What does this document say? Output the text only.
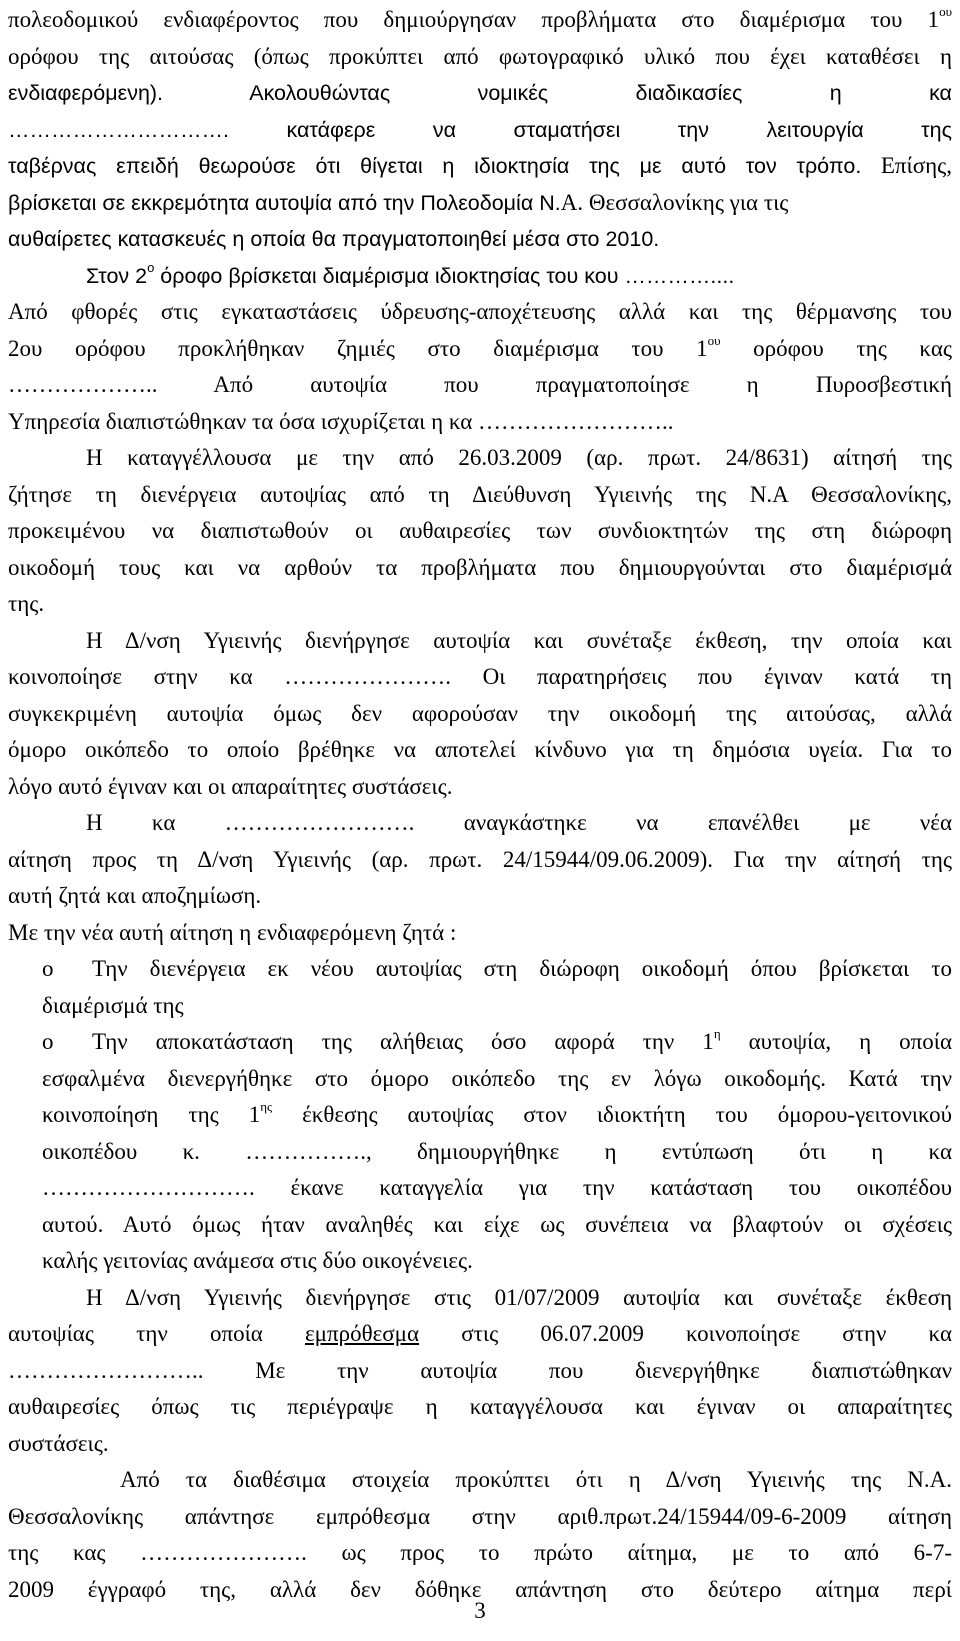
πολεοδομικού ενδιαφέροντος που δημιούργησαν προβλήματα στο διαμέρισμα του $1^{o\upsilon}$
ορόφου της αιτούσας (όπως προκύπτει από φωτογραφικό υλικό που έχει καταθέσει η
ενδιαφερόμενη). Ακολουθώντας νομικές διαδικασίες η κα
…………………………. κατάφερε να σταματήσει την λειτουργία της
ταβέρνας επειδή θεωρούσε ότι θίγεται η ιδιοκτησία της με αυτό τον τρόπο. Επίσης,
βρίσκεται σε εκκρεμότητα αυτοψία από την Πολεοδομία Ν.Α. Θεσσαλονίκης για τις
αυθαίρετες κατασκευές η οποία θα πραγματοποιηθεί μέσα στο 2010.
Στον $2^o$ όροφο βρίσκεται διαμέρισμα ιδιοκτησίας του κου …………....
Από φθορές στις εγκαταστάσεις ύδρευσης-αποχέτευσης αλλά και της θέρμανσης του
2ου ορόφου προκλήθηκαν ζημιές στο διαμέρισμα του $1^{o\upsilon}$ ορόφου της κας
……………….. Από αυτοψία που πραγματοποίησε η Πυροσβεστική
Υπηρεσία διαπιστώθηκαν τα όσα ισχυρίζεται η κα ……………………..
Η καταγγέλλουσα με την από 26.03.2009 (αρ. πρωτ. 24/8631) αίτησή της
ζήτησε τη διενέργεια αυτοψίας από τη Διεύθυνση Υγιεινής της Ν.Α Θεσσαλονίκης,
προκειμένου να διαπιστωθούν οι αυθαιρεσίες των συνδιοκτητών της στη διώροφη
οικοδομή τους και να αρθούν τα προβλήματα που δημιουργούνται στο διαμέρισμά
της.
Η Δ/νση Υγιεινής διενήργησε αυτοψία και συνέταξε έκθεση, την οποία και
κοινοποίησε στην κα …………………. Οι παρατηρήσεις που έγιναν κατά τη
συγκεκριμένη αυτοψία όμως δεν αφορούσαν την οικοδομή της αιτούσας, αλλά
όμορο οικόπεδο το οποίο βρέθηκε να αποτελεί κίνδυνο για τη δημόσια υγεία. Για το
λόγο αυτό έγιναν και οι απαραίτητες συστάσεις.
Η κα ……………………. αναγκάστηκε να επανέλθει με νέα
αίτηση προς τη Δ/νση Υγιεινής (αρ. πρωτ. 24/15944/09.06.2009). Για την αίτησή της
αυτή ζητά και αποζημίωση.
Με την νέα αυτή αίτηση η ενδιαφερόμενη ζητά :
o Την διενέργεια εκ νέου αυτοψίας στη διώροφη οικοδομή όπου βρίσκεται το
διαμέρισμά της
o Την αποκατάσταση της αλήθειας όσο αφορά την $1^\eta$ αυτοψία, η οποία
εσφαλμένα διενεργήθηκε στο όμορο οικόπεδο της εν λόγω οικοδομής. Κατά την
κοινοποίηση της $1^{\eta\varsigma}$ έκθεσης αυτοψίας στον ιδιοκτήτη του όμορου-γειτονικού
οικοπέδου κ. ……………., δημιουργήθηκε η εντύπωση ότι η κα
………………………. έκανε καταγγελία για την κατάσταση του οικοπέδου
αυτού. Αυτό όμως ήταν αναληθές και είχε ως συνέπεια να βλαφτούν οι σχέσεις
καλής γειτονίας ανάμεσα στις δύο οικογένειες.
Η Δ/νση Υγιεινής διενήργησε στις 01/07/2009 αυτοψία και συνέταξε έκθεση
αυτοψίας την οποία εμπρόθεσμα στις 06.07.2009 κοινοποίησε στην κα
…………………….. Με την αυτοψία που διενεργήθηκε διαπιστώθηκαν
αυθαιρεσίες όπως τις περιέγραψε η καταγγέλουσα και έγιναν οι απαραίτητες
συστάσεις.
Από τα διαθέσιμα στοιχεία προκύπτει ότι η Δ/νση Υγιεινής της Ν.Α.
Θεσσαλονίκης απάντησε εμπρόθεσμα στην αριθ.πρωτ.24/15944/09-6-2009 αίτηση
της κας …………………. ως προς το πρώτο αίτημα, με το από 6-7-
2009 έγγραφό της, αλλά δεν δόθηκε απάντηση στο δεύτερο αίτημα περί
3
